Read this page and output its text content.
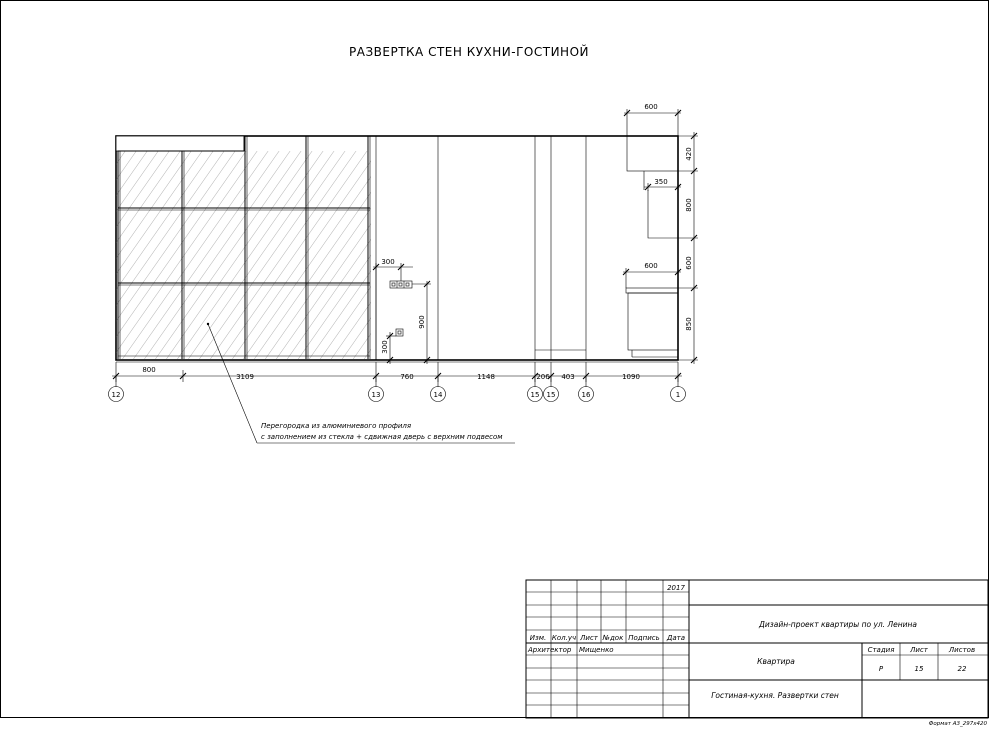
РАЗВЕРТКА СТЕН КУХНИ-ГОСТИНОЙ
800
3109	760	1148	206 403	1090
300
300
900
600
350
600
420
800
600
850
12	13	14	15 15	16	1
Перегородка из алюминиевого профиля
с заполнением из стекла + сдвижная дверь с верхним подвесом
2017
Изм. Кол.уч Лист №док Подпись Дата
Архитектор Мищенко
Дизайн-проект квартиры по ул. Ленина
Квартира
Стадия Лист	Листов
Р	15	22
Гостиная-кухня. Развертки стен
Формат А3_297х420
